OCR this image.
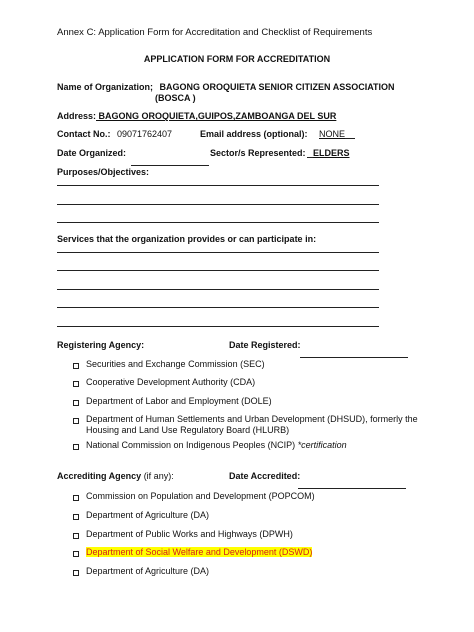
Annex C: Application Form for Accreditation and Checklist of Requirements
APPLICATION FORM FOR ACCREDITATION
Name of Organization; BAGONG OROQUIETA SENIOR CITIZEN ASSOCIATION
(BOSCA )
Address: BAGONG OROQUIETA,GUIPOS,ZAMBOANGA DEL SUR
Contact No.: 09071762407	Email address (optional): NONE
Date Organized:	Sector/s Represented: ELDERS
Purposes/Objectives:
Services that the organization provides or can participate in:
Registering Agency:	Date Registered:
Securities and Exchange Commission (SEC)
Cooperative Development Authority (CDA)
Department of Labor and Employment (DOLE)
Department of Human Settlements and Urban Development (DHSUD), formerly the
Housing and Land Use Regulatory Board (HLURB)
National Commission on Indigenous Peoples (NCIP) *certification
Accrediting Agency (if any):	Date Accredited:
Commission on Population and Development (POPCOM)
Department of Agriculture (DA)
Department of Public Works and Highways (DPWH)
Department of Social Welfare and Development (DSWD)
Department of Agriculture (DA)
